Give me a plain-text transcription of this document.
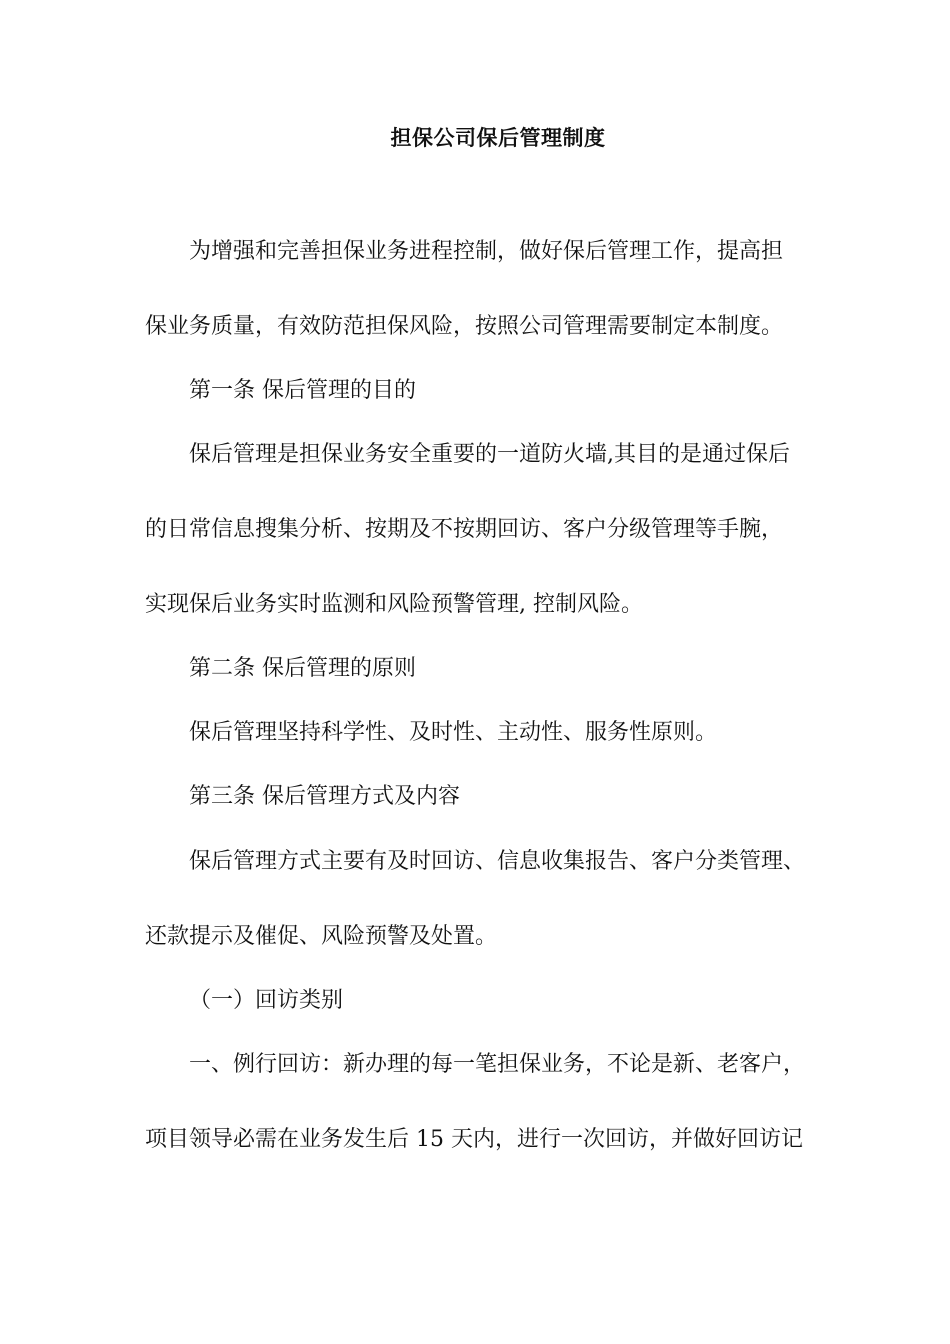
担保公司保后管理制度

为增强和完善担保业务进程控制，做好保后管理工作，提高担

保业务质量，有效防范担保风险，按照公司管理需要制定本制度。

第一条 保后管理的目的

保后管理是担保业务安全重要的一道防火墙,其目的是通过保后

的日常信息搜集分析、按期及不按期回访、客户分级管理等手腕，

实现保后业务实时监测和风险预警管理, 控制风险。

第二条 保后管理的原则

保后管理坚持科学性、及时性、主动性、服务性原则。

第三条 保后管理方式及内容

保后管理方式主要有及时回访、信息收集报告、客户分类管理、

还款提示及催促、风险预警及处置。

（一）回访类别

一、例行回访：新办理的每一笔担保业务，不论是新、老客户，

项目领导必需在业务发生后 15 天内，进行一次回访，并做好回访记
